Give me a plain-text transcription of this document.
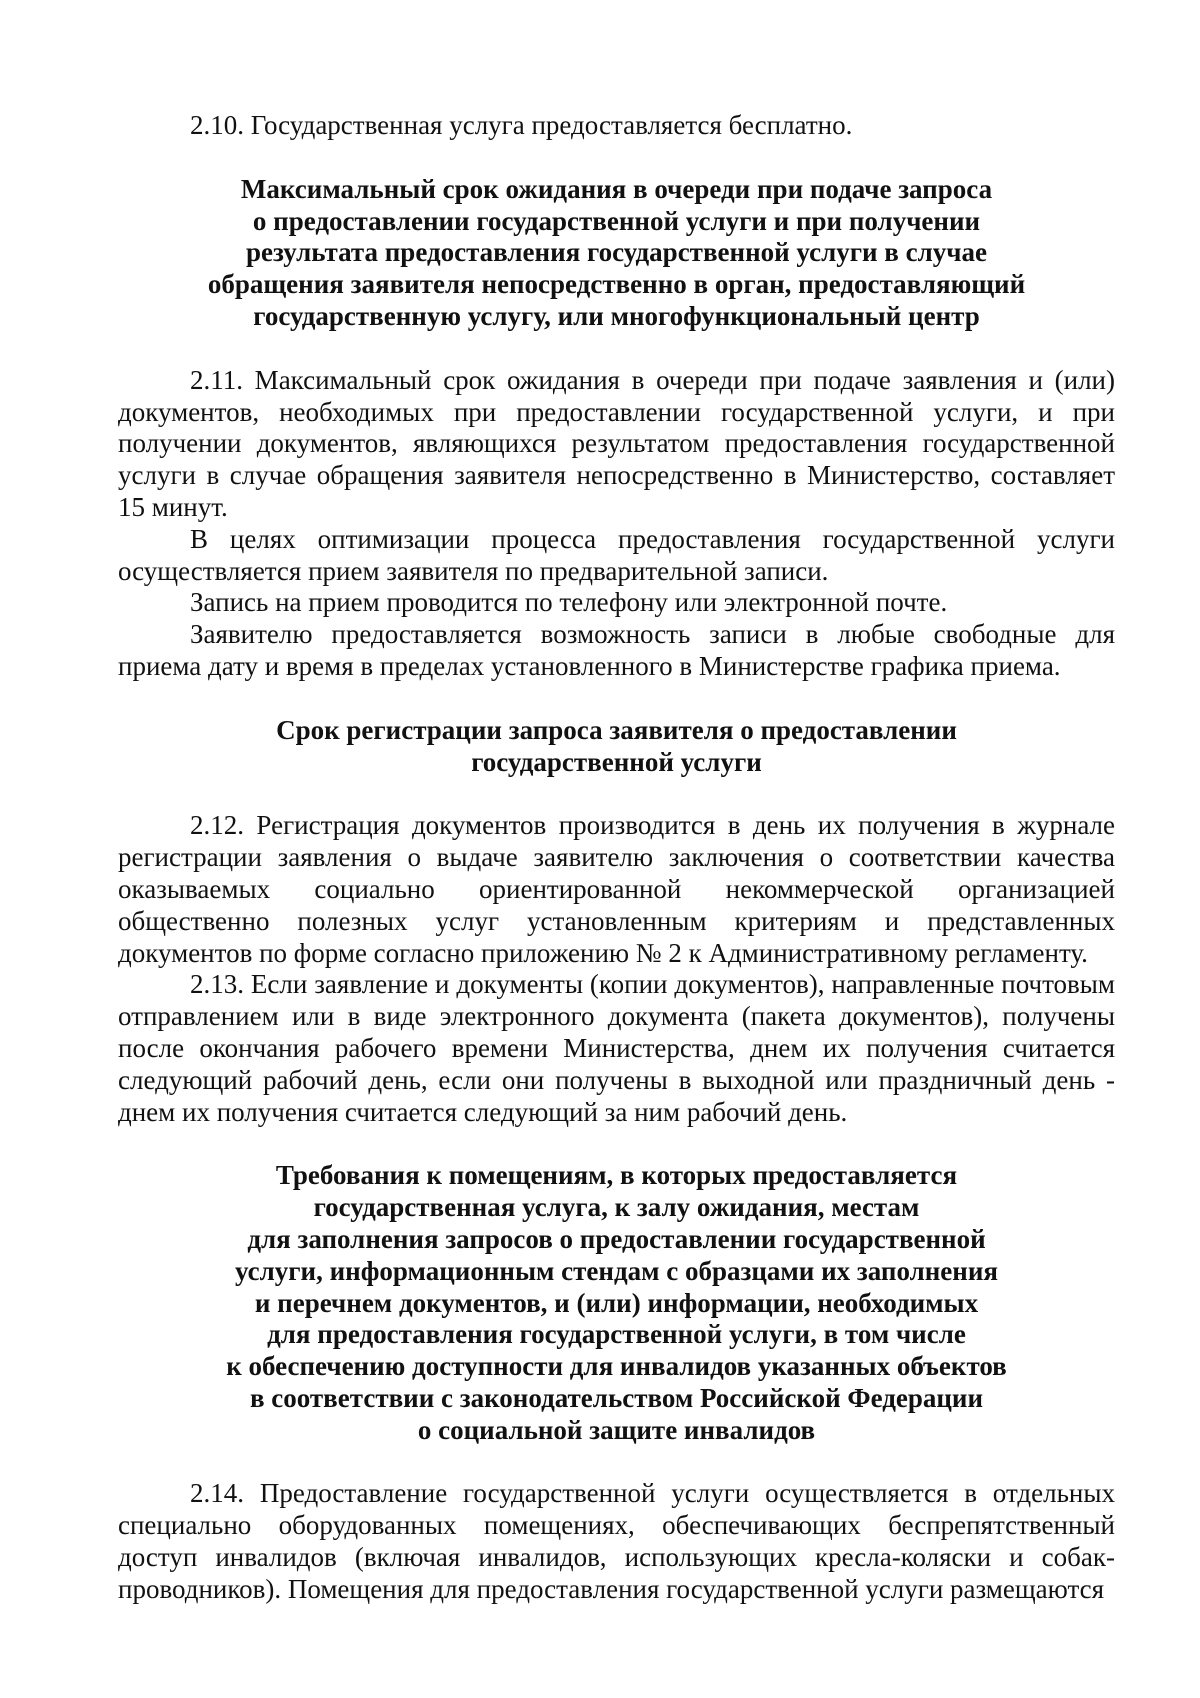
2.10. Государственная услуга предоставляется бесплатно.

Максимальный срок ожидания в очереди при подаче запроса
о предоставлении государственной услуги и при получении
результата предоставления государственной услуги в случае
обращения заявителя непосредственно в орган, предоставляющий
государственную услугу, или многофункциональный центр

2.11. Максимальный срок ожидания в очереди при подаче заявления и (или) документов, необходимых при предоставлении государственной услуги, и при получении документов, являющихся результатом предоставления государственной услуги в случае обращения заявителя непосредственно в Министерство, составляет 15 минут.

В целях оптимизации процесса предоставления государственной услуги осуществляется прием заявителя по предварительной записи.

Запись на прием проводится по телефону или электронной почте.

Заявителю предоставляется возможность записи в любые свободные для приема дату и время в пределах установленного в Министерстве графика приема.

Срок регистрации запроса заявителя о предоставлении
государственной услуги

2.12. Регистрация документов производится в день их получения в журнале регистрации заявления о выдаче заявителю заключения о соответствии качества оказываемых социально ориентированной некоммерческой организацией общественно полезных услуг установленным критериям и представленных документов по форме согласно приложению № 2 к Административному регламенту.

2.13. Если заявление и документы (копии документов), направленные почтовым отправлением или в виде электронного документа (пакета документов), получены после окончания рабочего времени Министерства, днем их получения считается следующий рабочий день, если они получены в выходной или праздничный день - днем их получения считается следующий за ним рабочий день.

Требования к помещениям, в которых предоставляется
государственная услуга, к залу ожидания, местам
для заполнения запросов о предоставлении государственной
услуги, информационным стендам с образцами их заполнения
и перечнем документов, и (или) информации, необходимых
для предоставления государственной услуги, в том числе
к обеспечению доступности для инвалидов указанных объектов
в соответствии с законодательством Российской Федерации
о социальной защите инвалидов

2.14. Предоставление государственной услуги осуществляется в отдельных специально оборудованных помещениях, обеспечивающих беспрепятственный доступ инвалидов (включая инвалидов, использующих кресла-коляски и собак-проводников). Помещения для предоставления государственной услуги размещаются
